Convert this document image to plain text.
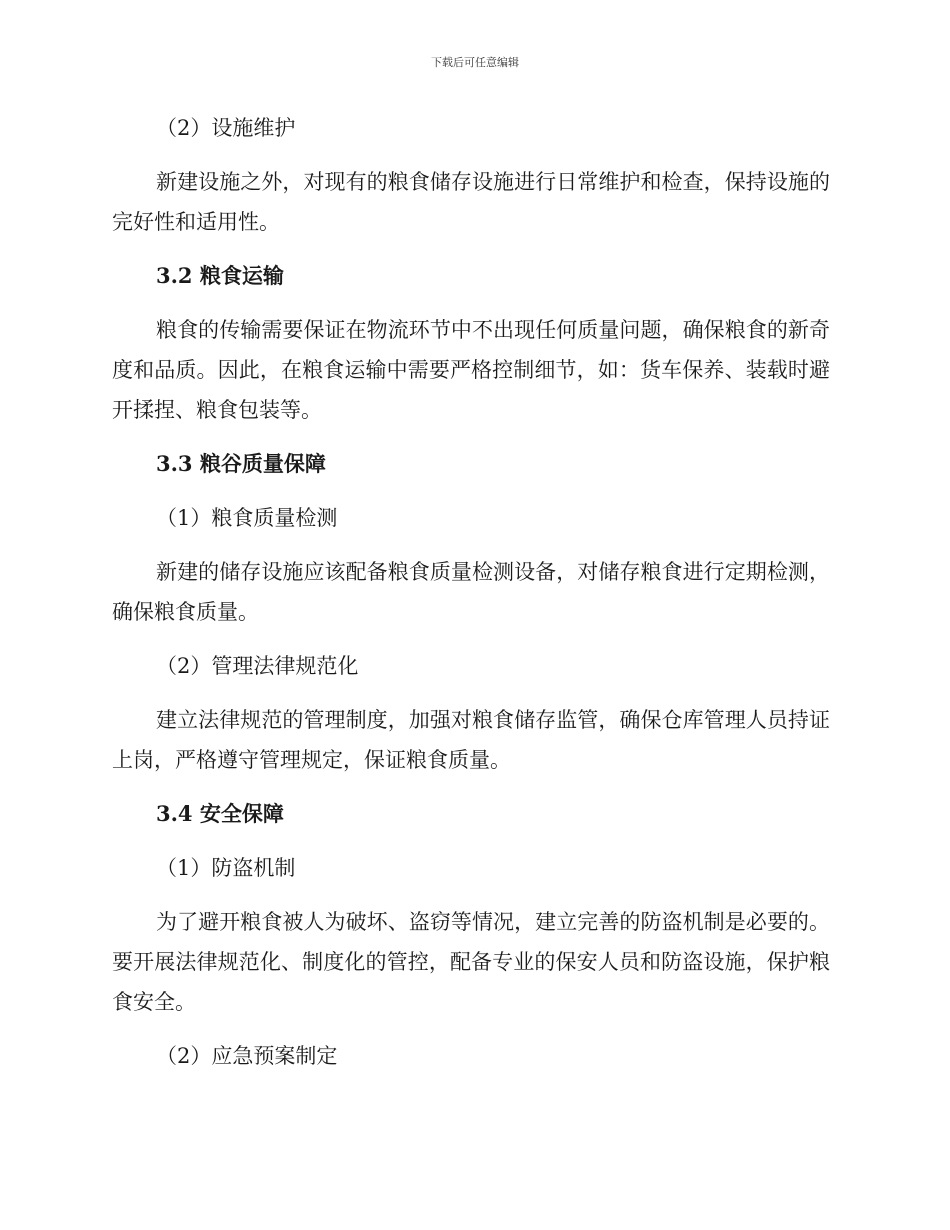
下载后可任意编辑
（2）设施维护
新建设施之外，对现有的粮食储存设施进行日常维护和检查，保持设施的完好性和适用性。
3.2 粮食运输
粮食的传输需要保证在物流环节中不出现任何质量问题，确保粮食的新奇度和品质。因此，在粮食运输中需要严格控制细节，如：货车保养、装载时避开揉捏、粮食包装等。
3.3 粮谷质量保障
（1）粮食质量检测
新建的储存设施应该配备粮食质量检测设备，对储存粮食进行定期检测，确保粮食质量。
（2）管理法律规范化
建立法律规范的管理制度，加强对粮食储存监管，确保仓库管理人员持证上岗，严格遵守管理规定，保证粮食质量。
3.4 安全保障
（1）防盗机制
为了避开粮食被人为破坏、盗窃等情况，建立完善的防盗机制是必要的。要开展法律规范化、制度化的管控，配备专业的保安人员和防盗设施，保护粮食安全。
（2）应急预案制定
